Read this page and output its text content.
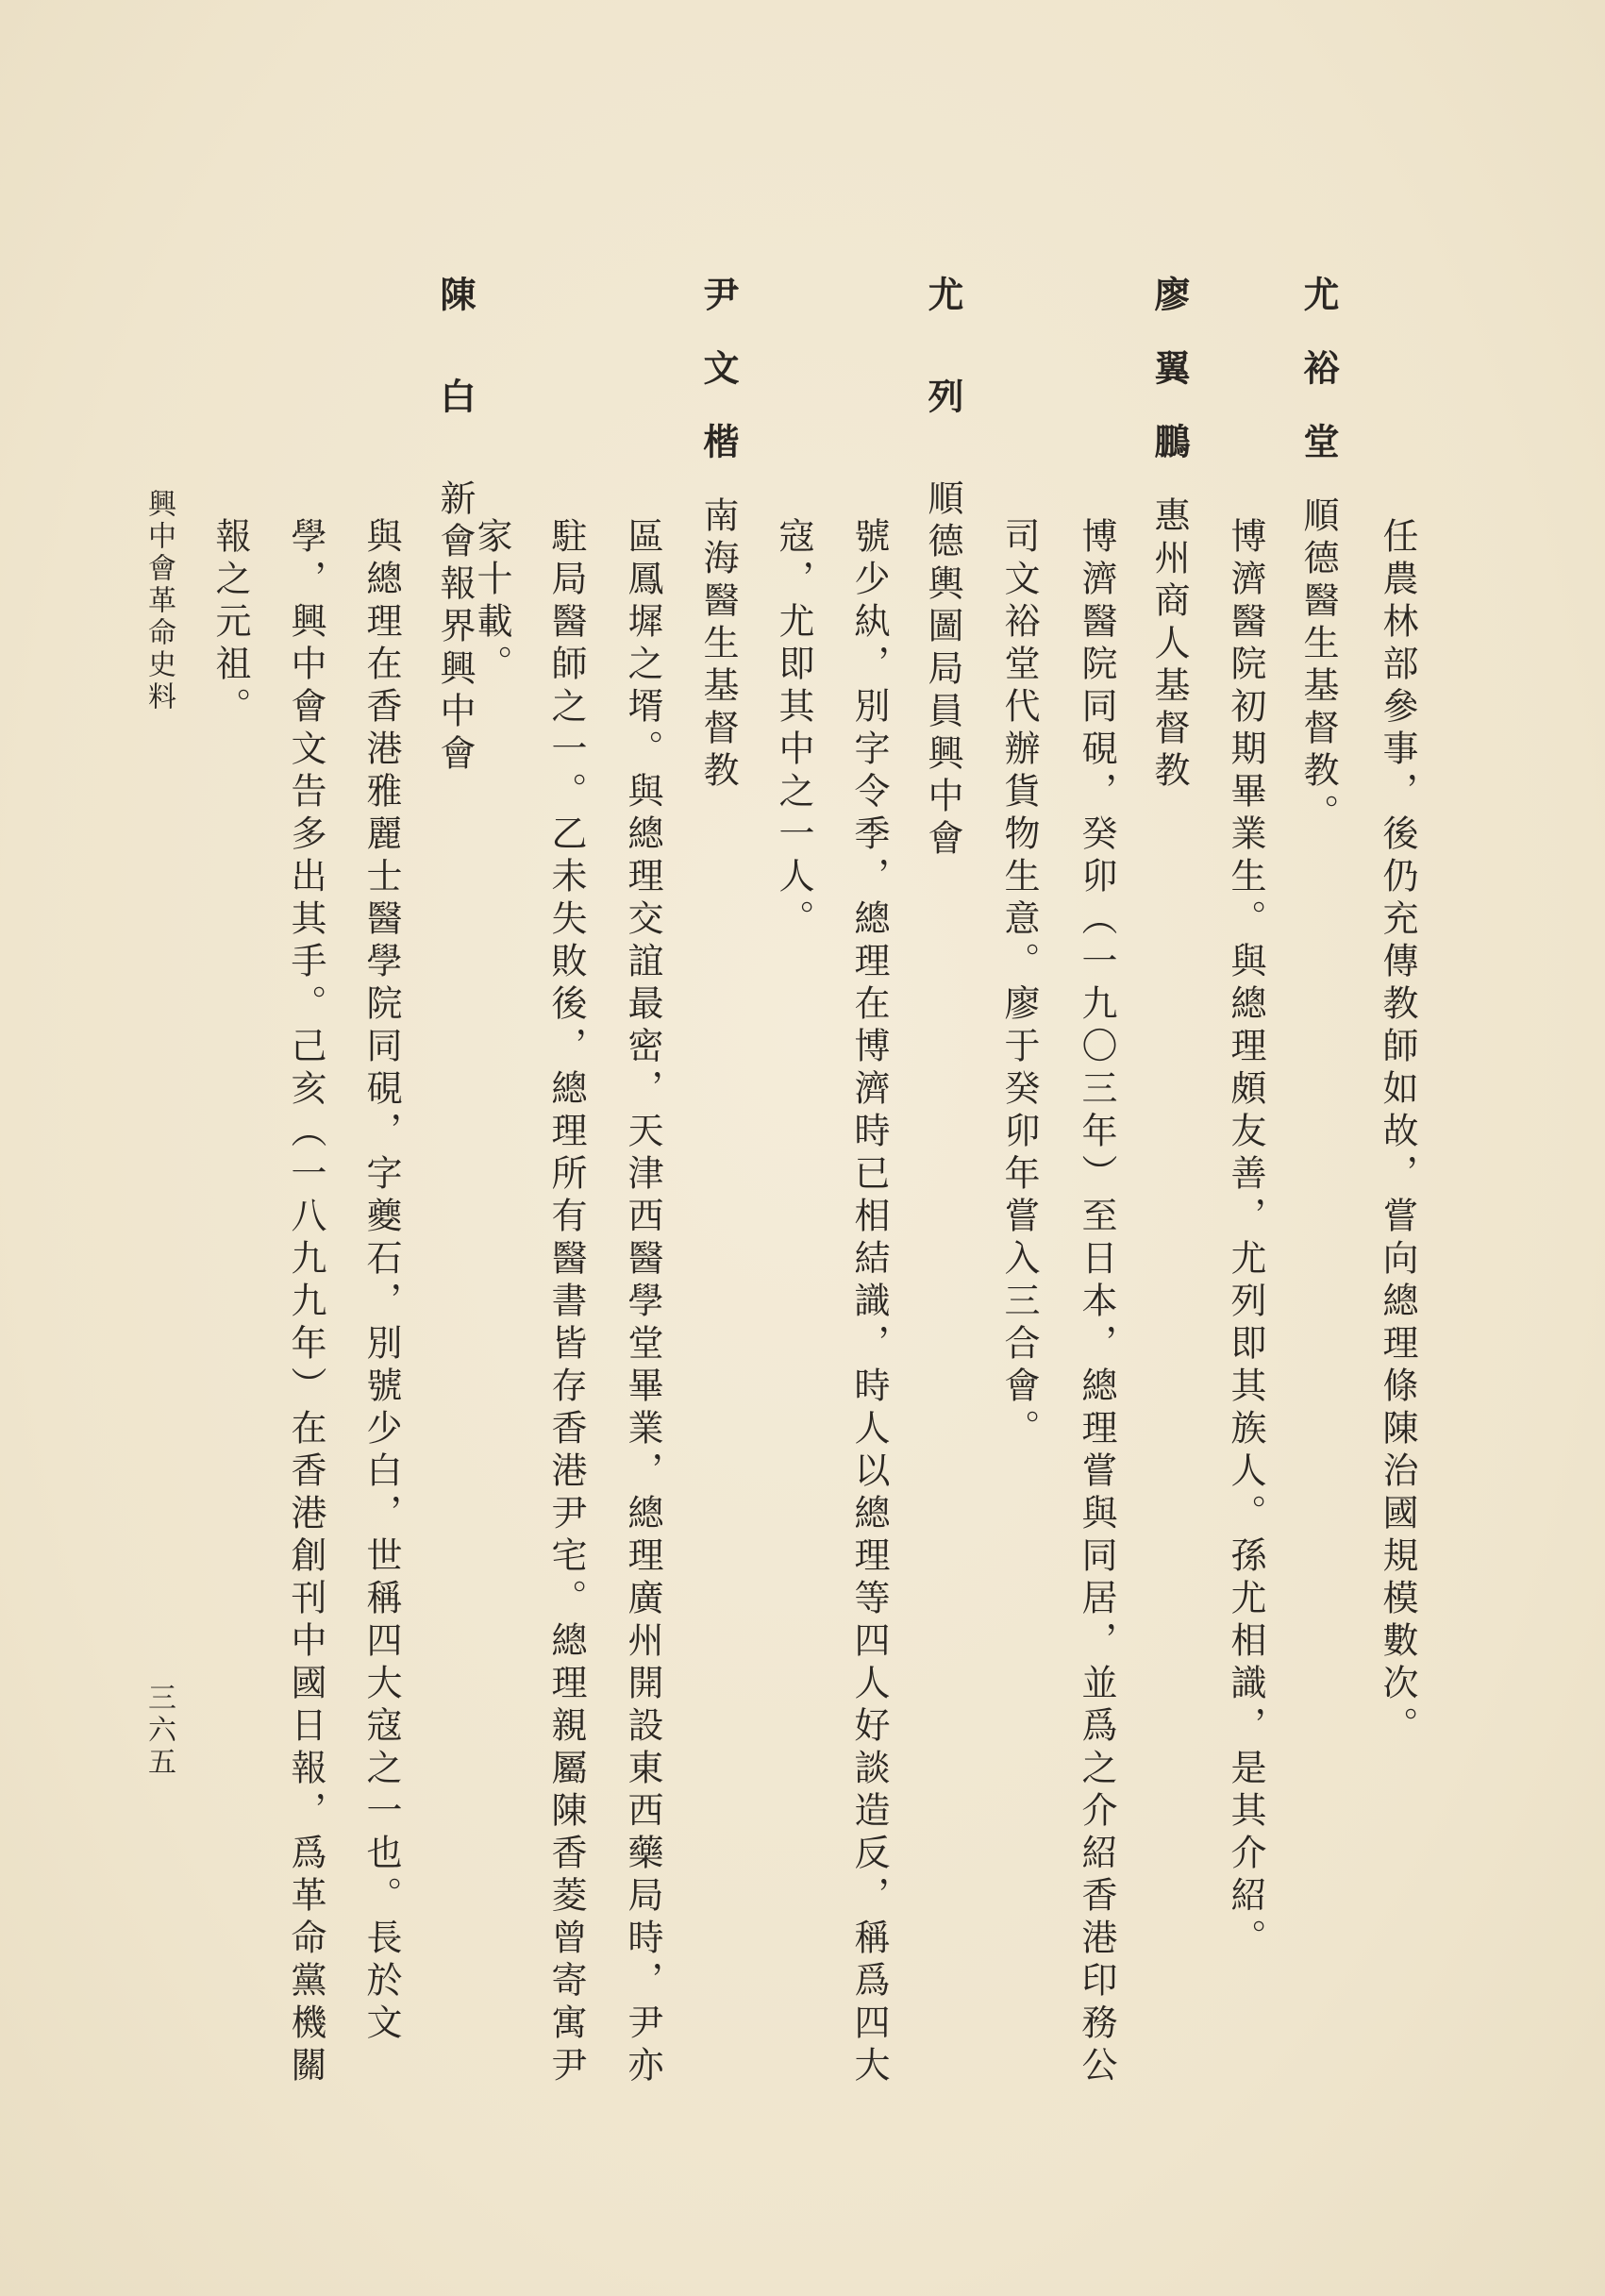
任農林部參事，後仍充傳教師如故，嘗向總理條陳治國規模數次。
尤裕堂順德醫生基督教。
博濟醫院初期畢業生。與總理頗友善，尤列即其族人。孫尤相識，是其介紹。
廖翼鵬惠州商人基督教
博濟醫院同硯，癸卯（一九〇三年）至日本，總理嘗與同居，並爲之介紹香港印務公
司文裕堂代辦貨物生意。廖于癸卯年嘗入三合會。
尤列順德輿圖局員興中會
號少紈，別字令季，總理在博濟時已相結識，時人以總理等四人好談造反，稱爲四大
寇，尤即其中之一人。
尹文楷南海醫生基督教
區鳳墀之壻。與總理交誼最密，天津西醫學堂畢業，總理廣州開設東西藥局時，尹亦
駐局醫師之一。乙未失敗後，總理所有醫書皆存香港尹宅。總理親屬陳香菱曾寄寓尹
家十載。
陳白新會報界興中會
與總理在香港雅麗士醫學院同硯，字夔石，別號少白，世稱四大寇之一也。長於文
學，興中會文告多出其手。己亥（一八九九年）在香港創刊中國日報，爲革命黨機關
報之元祖。
興中會革命史料
三六五
